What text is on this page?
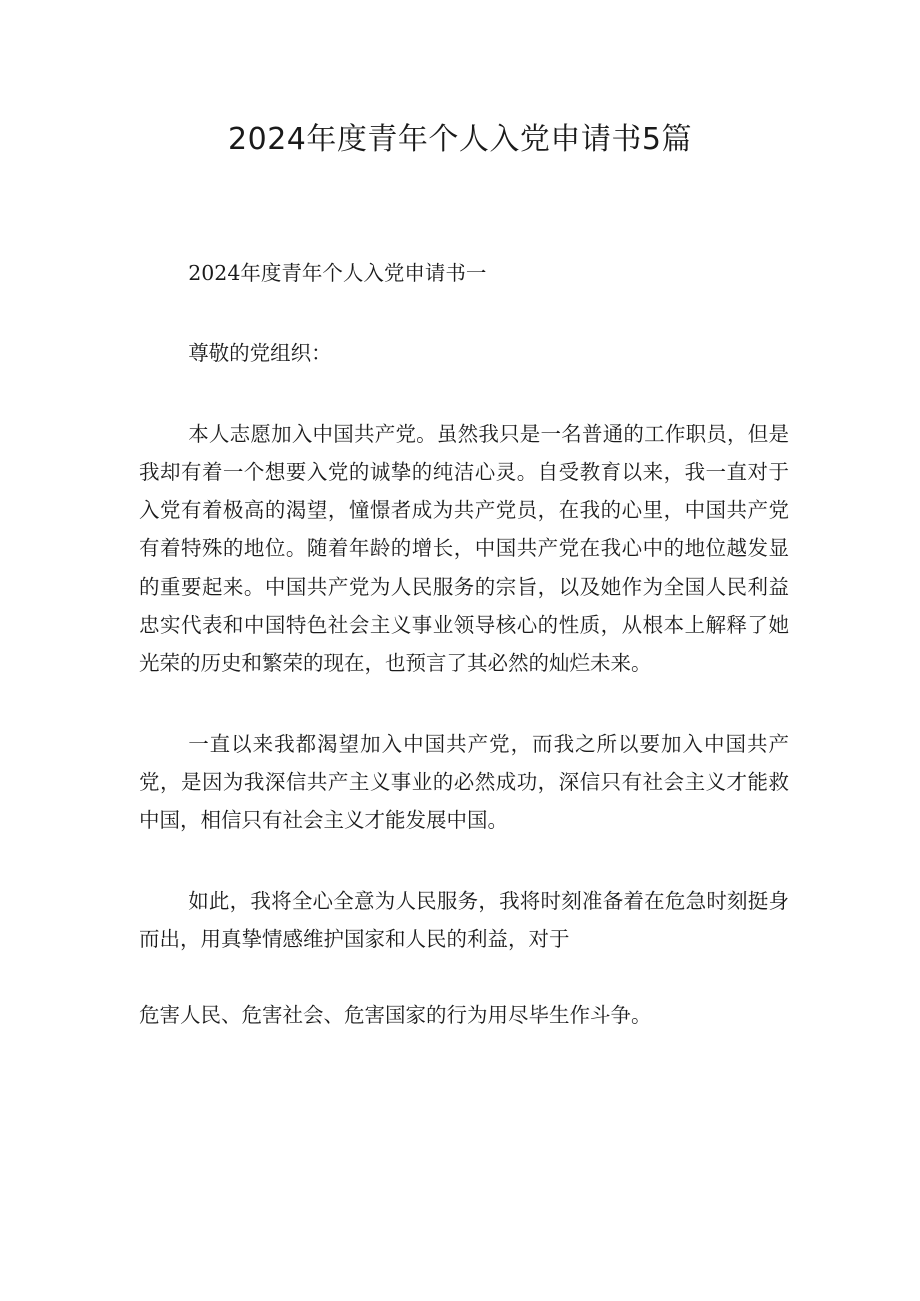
2024年度青年个人入党申请书5篇

2024年度青年个人入党申请书一

尊敬的党组织：

本人志愿加入中国共产党。虽然我只是一名普通的工作职员，但是我却有着一个想要入党的诚挚的纯洁心灵。自受教育以来，我一直对于入党有着极高的渴望，憧憬者成为共产党员，在我的心里，中国共产党有着特殊的地位。随着年龄的增长，中国共产党在我心中的地位越发显的重要起来。中国共产党为人民服务的宗旨，以及她作为全国人民利益忠实代表和中国特色社会主义事业领导核心的性质，从根本上解释了她光荣的历史和繁荣的现在，也预言了其必然的灿烂未来。

一直以来我都渴望加入中国共产党，而我之所以要加入中国共产党，是因为我深信共产主义事业的必然成功，深信只有社会主义才能救中国，相信只有社会主义才能发展中国。

如此，我将全心全意为人民服务，我将时刻准备着在危急时刻挺身而出，用真挚情感维护国家和人民的利益，对于

危害人民、危害社会、危害国家的行为用尽毕生作斗争。
